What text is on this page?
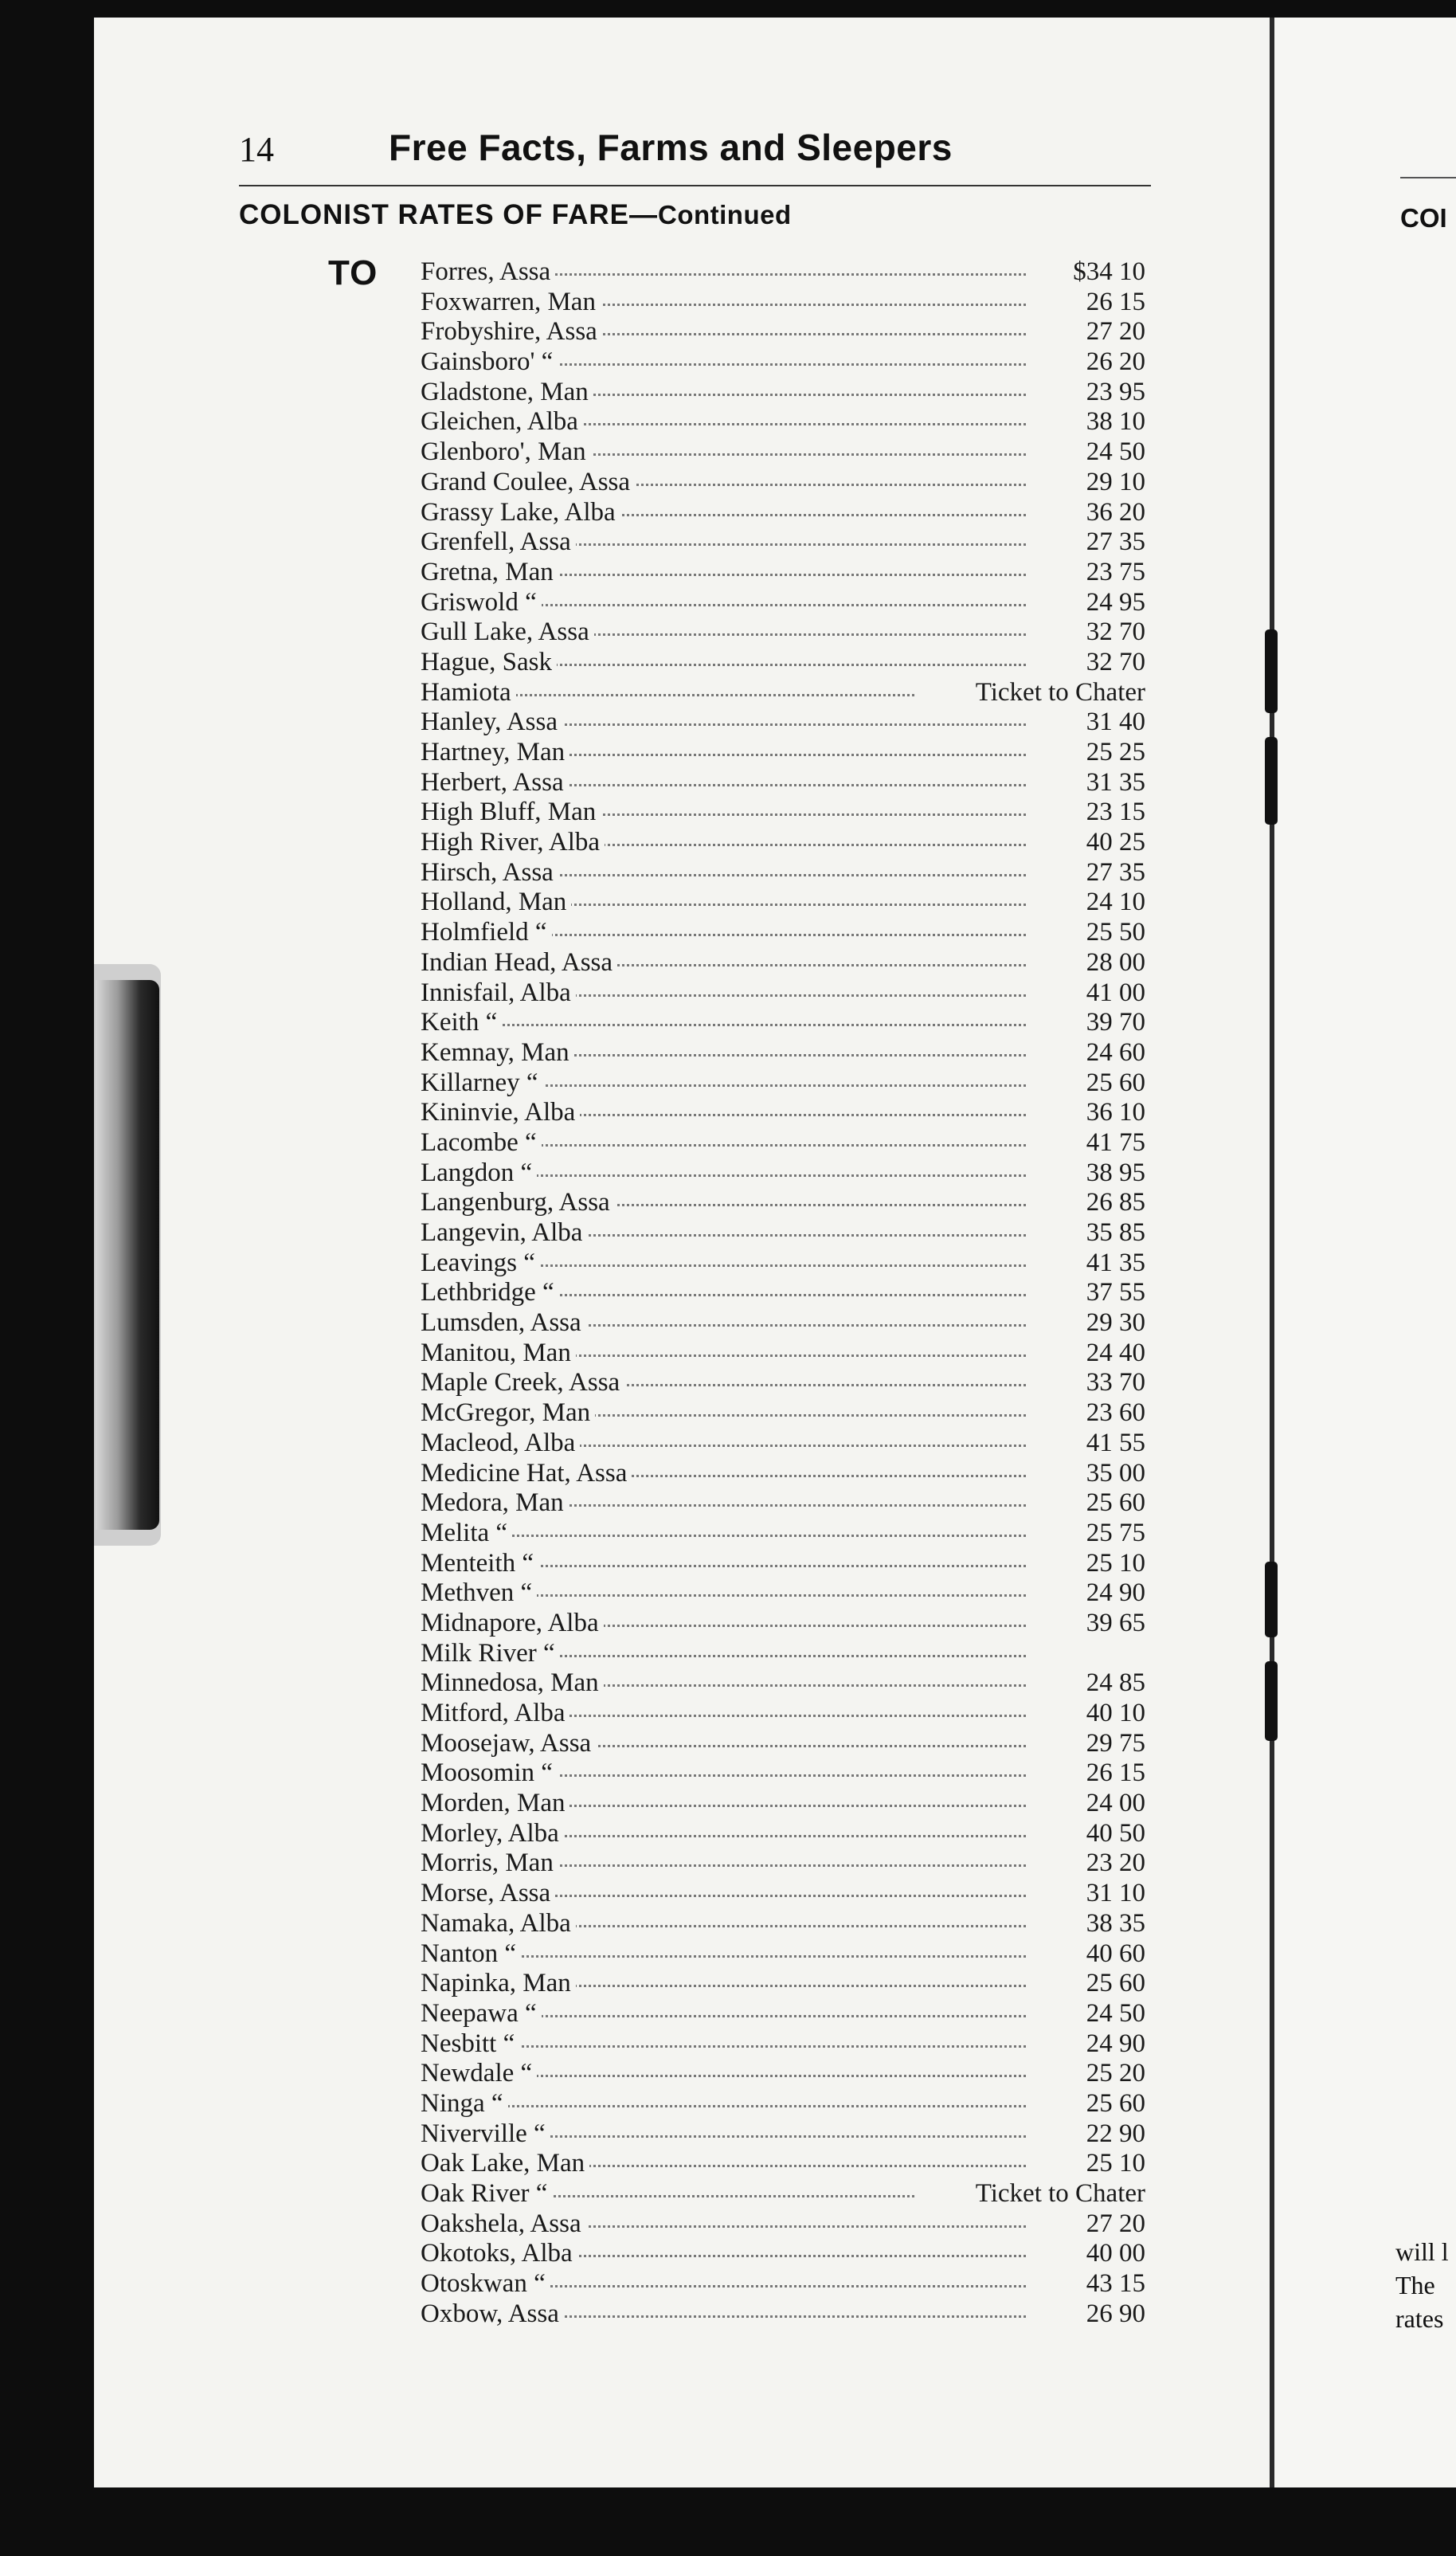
14	Free Facts, Farms and Sleepers
COLONIST RATES OF FARE—Continued
TO Forres, Assa	$34 10
Foxwarren, Man	26 15
Frobyshire, Assa	27 20
Gainsboro' “	26 20
Gladstone, Man	23 95
Gleichen, Alba	38 10
Glenboro', Man	24 50
Grand Coulee, Assa	29 10
Grassy Lake, Alba	36 20
Grenfell, Assa	27 35
Gretna, Man	23 75
Griswold “	24 95
Gull Lake, Assa	32 70
Hague, Sask	32 70
Hamiota	Ticket to Chater
Hanley, Assa	31 40
Hartney, Man	25 25
Herbert, Assa	31 35
High Bluff, Man	23 15
High River, Alba	40 25
Hirsch, Assa	27 35
Holland, Man	24 10
Holmfield “	25 50
Indian Head, Assa	28 00
Innisfail, Alba	41 00
Keith “	39 70
Kemnay, Man	24 60
Killarney “	25 60
Kininvie, Alba	36 10
Lacombe “	41 75
Langdon “	38 95
Langenburg, Assa	26 85
Langevin, Alba	35 85
Leavings “	41 35
Lethbridge “	37 55
Lumsden, Assa	29 30
Manitou, Man	24 40
Maple Creek, Assa	33 70
McGregor, Man	23 60
Macleod, Alba	41 55
Medicine Hat, Assa	35 00
Medora, Man	25 60
Melita “	25 75
Menteith “	25 10
Methven “	24 90
Midnapore, Alba	39 65
Milk River “
Minnedosa, Man	24 85
Mitford, Alba	40 10
Moosejaw, Assa	29 75
Moosomin “	26 15
Morden, Man	24 00
Morley, Alba	40 50
Morris, Man	23 20
Morse, Assa	31 10
Namaka, Alba	38 35
Nanton “	40 60
Napinka, Man	25 60
Neepawa “	24 50
Nesbitt “	24 90
Newdale “	25 20
Ninga “	25 60
Niverville “	22 90
Oak Lake, Man	25 10
Oak River “	Ticket to Chater
Oakshela, Assa	27 20
Okotoks, Alba	40 00
Otoskwan “	43 15
Oxbow, Assa	26 90
COI
will l
The
rates
